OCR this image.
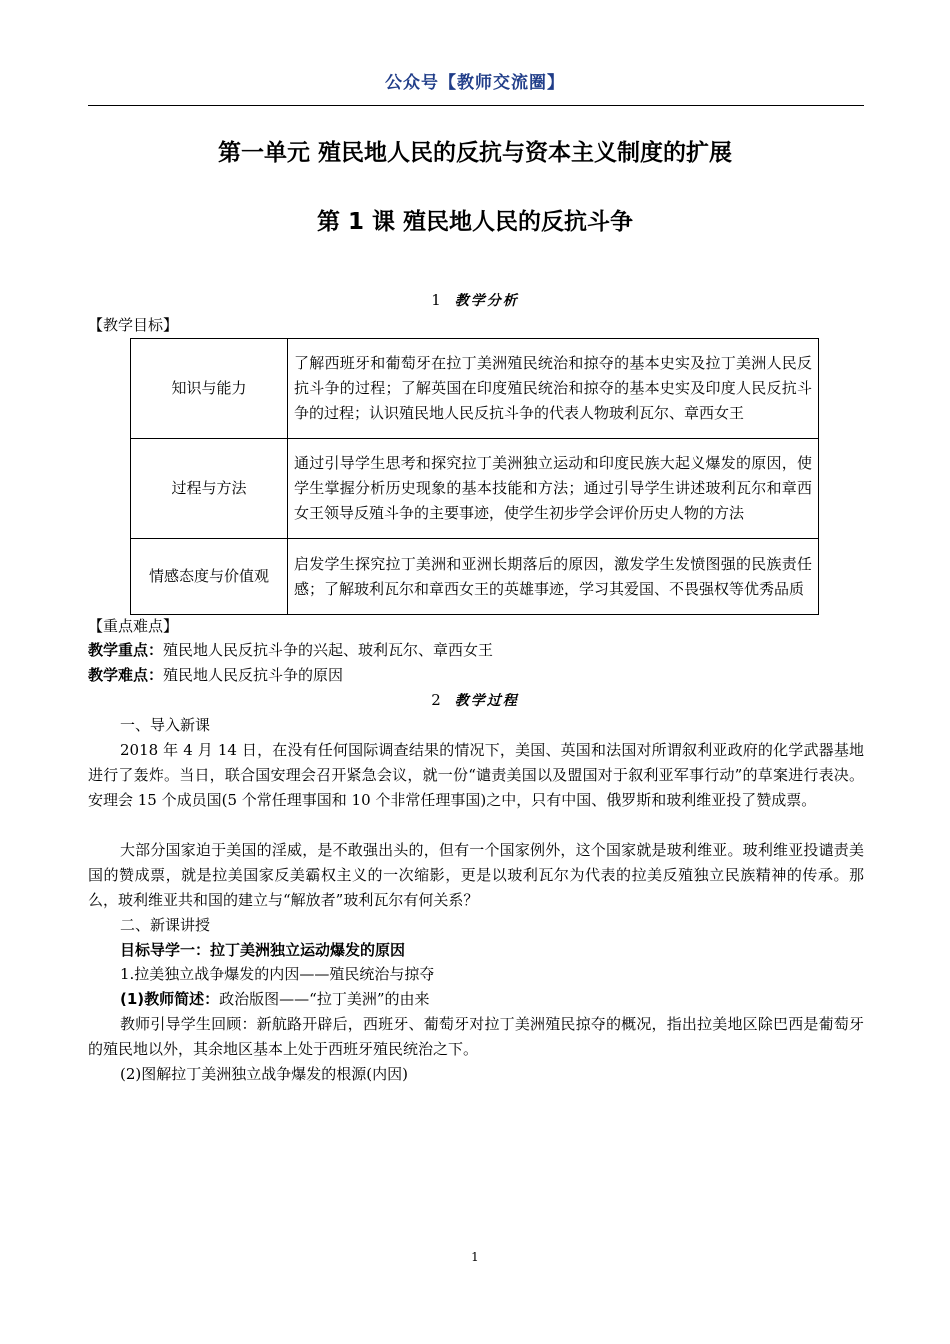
公众号【教师交流圈】
第一单元 殖民地人民的反抗与资本主义制度的扩展
第 1 课 殖民地人民的反抗斗争
1 教学分析
【教学目标】
知识与能力	了解西班牙和葡萄牙在拉丁美洲殖民统治和掠夺的基本史实及拉丁美洲人民反抗斗争的过程；了解英国在印度殖民统治和掠夺的基本史实及印度人民反抗斗争的过程；认识殖民地人民反抗斗争的代表人物玻利瓦尔、章西女王
过程与方法	通过引导学生思考和探究拉丁美洲独立运动和印度民族大起义爆发的原因，使学生掌握分析历史现象的基本技能和方法；通过引导学生讲述玻利瓦尔和章西女王领导反殖斗争的主要事迹，使学生初步学会评价历史人物的方法
情感态度与价值观	启发学生探究拉丁美洲和亚洲长期落后的原因，激发学生发愤图强的民族责任感；了解玻利瓦尔和章西女王的英雄事迹，学习其爱国、不畏强权等优秀品质
【重点难点】
教学重点：殖民地人民反抗斗争的兴起、玻利瓦尔、章西女王
教学难点：殖民地人民反抗斗争的原因
2 教学过程
一、导入新课
2018 年 4 月 14 日，在没有任何国际调查结果的情况下，美国、英国和法国对所谓叙利亚政府的化学武器基地进行了轰炸。当日，联合国安理会召开紧急会议，就一份“谴责美国以及盟国对于叙利亚军事行动”的草案进行表决。安理会 15 个成员国(5 个常任理事国和 10 个非常任理事国)之中，只有中国、俄罗斯和玻利维亚投了赞成票。
大部分国家迫于美国的淫威，是不敢强出头的，但有一个国家例外，这个国家就是玻利维亚。玻利维亚投谴责美国的赞成票，就是拉美国家反美霸权主义的一次缩影，更是以玻利瓦尔为代表的拉美反殖独立民族精神的传承。那么，玻利维亚共和国的建立与“解放者”玻利瓦尔有何关系？
二、新课讲授
目标导学一：拉丁美洲独立运动爆发的原因
1.拉美独立战争爆发的内因——殖民统治与掠夺
(1)教师简述：政治版图——“拉丁美洲”的由来
教师引导学生回顾：新航路开辟后，西班牙、葡萄牙对拉丁美洲殖民掠夺的概况，指出拉美地区除巴西是葡萄牙的殖民地以外，其余地区基本上处于西班牙殖民统治之下。
(2)图解拉丁美洲独立战争爆发的根源(内因)
1
